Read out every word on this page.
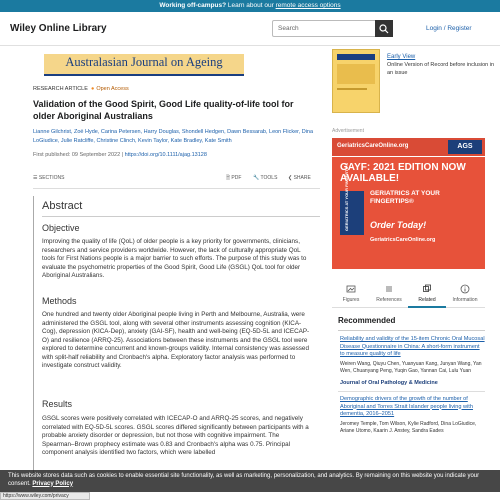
Working off-campus? Learn about our remote access options
Wiley Online Library	Search	Login / Register
Australasian Journal on Ageing
RESEARCH ARTICLE
●	Open Access
Validation of the Good Spirit, Good Life quality-of-life tool for older Aboriginal Australians
Lianne Gilchrist, Zoë Hyde, Carina Petersen, Harry Douglas, Shondell Hedgen, Dawn Bessarab, Leon Flicker, Dina LoGiudice, Julie Ratcliffe, Christine Clinch, Kevin Taylor, Kate Bradley, Kate Smith
First published: 09 September 2022 | https://doi.org/10.1111/ajag.13128
☰ SECTIONS	🗎 PDF 🔧 TOOLS ❮ SHARE
Abstract
Objective
Improving the quality of life (QoL) of older people is a key priority for governments, clinicians, researchers and service providers worldwide. However, the lack of culturally appropriate QoL tools for First Nations people is a major barrier to such efforts. The purpose of this study was to evaluate the psychometric properties of the Good Spirit, Good Life (GSGL) QoL tool for older Aboriginal Australians.
Methods
One hundred and twenty older Aboriginal people living in Perth and Melbourne, Australia, were administered the GSGL tool, along with several other instruments assessing cognition (KICA-Cog), depression (KICA-Dep), anxiety (GAI-SF), health and well-being (EQ-5D-5L and ICECAP-O) and resilience (ARRQ-25). Associations between these instruments and the GSGL tool were explored to determine concurrent and known-groups validity. Internal consistency was assessed with split-half reliability and Cronbach's alpha. Exploratory factor analysis was performed to investigate construct validity.
Results
GSGL scores were positively correlated with ICECAP-O and ARRQ-25 scores, and negatively correlated with EQ-5D-5L scores. GSGL scores differed significantly between participants with a probable anxiety disorder or depression, but not those with cognitive impairment. The Spearman–Brown prophecy estimate was 0.83 and Cronbach's alpha was 0.75. Principal component analysis identified two factors, which were labelled
Early View
Online Version of Record before inclusion in an issue
Advertisement
GeriatricsCareOnline.org	AGS
GAYF: 2021 EDITION NOW AVAILABLE!
GERIATRICS AT YOUR FINGERTIPS	GERIATRICS AT YOUR FINGERTIPS®
Order Today!
GeriatricsCareOnline.org
Figures	References	Related	Information
Recommended
Reliability and validity of the 15-item Chronic Oral Mucosal Disease Questionnaire in China: A short-form instrument to measure quality of life
Weiren Wang, Qiuyu Chen, Yuanyuan Kang, Junyan Wang, Yan Wen, Chuanyang Peng, Yuqin Gao, Yannan Cai, Lulu Yuan
Journal of Oral Pathology & Medicine
Demographic drivers of the growth of the number of Aboriginal and Torres Strait Islander people living with dementia, 2016–2051
Jeromey Temple, Tom Wilson, Kylie Radford, Dina LoGiudice, Ariane Utomo, Kaarin J. Anstey, Sandra Eades
This website stores data such as cookies to enable essential site functionality, as well as marketing, personalization, and analytics. By remaining on this website you indicate your consent. Privacy Policy
https://www.wiley.com/privacy
